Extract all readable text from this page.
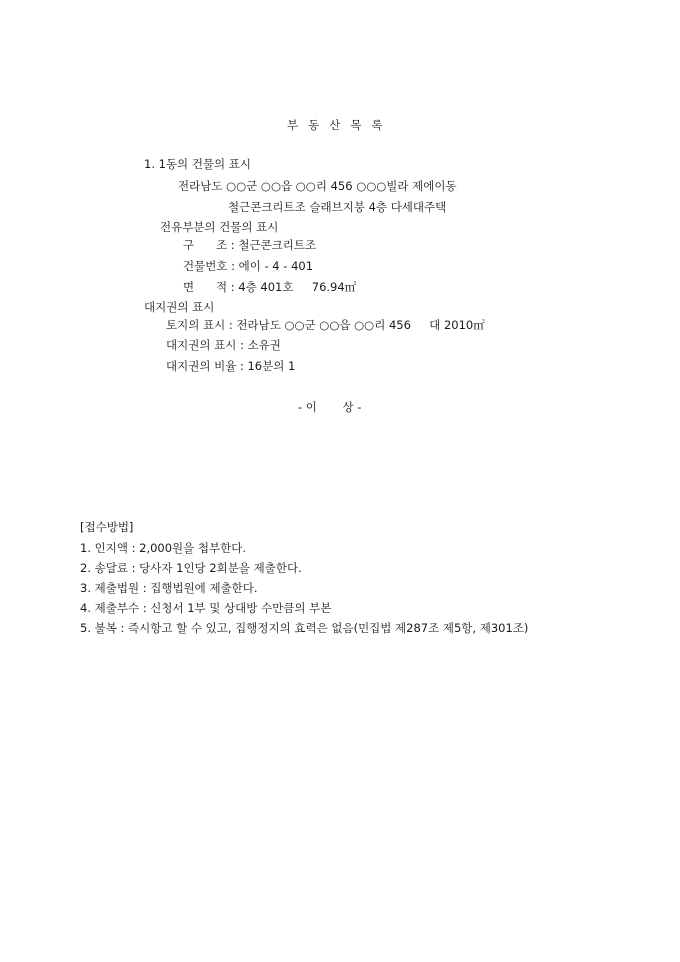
부동산목록
1. 1동의 건물의 표시
전라남도 ○○군 ○○읍 ○○리 456 ○○○빌라 제에이동
철근콘크리트조 슬래브지붕 4층 다세대주택
전유부분의 건물의 표시
구      조 : 철근콘크리트조
건물번호 : 에이 - 4 - 401
면      적 : 4층 401호     76.94㎡
대지권의 표시
토지의 표시 : 전라남도 ○○군 ○○읍 ○○리 456     대 2010㎡
대지권의 표시 : 소유권
대지권의 비율 : 16분의 1
- 이       상 -
[접수방법]
1. 인지액 : 2,000원을 첩부한다.
2. 송달료 : 당사자 1인당 2회분을 제출한다.
3. 제출법원 : 집행법원에 제출한다.
4. 제출부수 : 신청서 1부 및 상대방 수만큼의 부본
5. 불복 : 즉시항고 할 수 있고, 집행정지의 효력은 없음(민집법 제287조 제5항, 제301조)
